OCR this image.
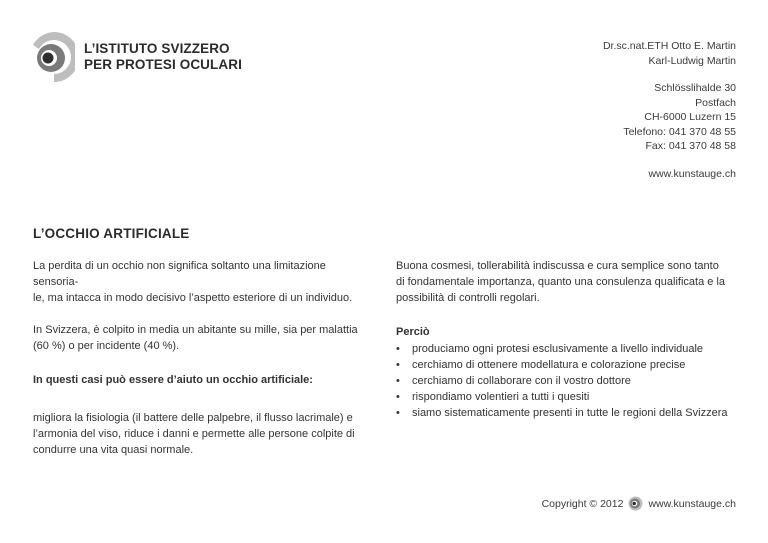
L’ISTITUTO SVIZZERO
PER PROTESI OCULARI
Dr.sc.nat.ETH Otto E. Martin
Karl-Ludwig Martin
Schlösslihalde 30
Postfach
CH-6000 Luzern 15
Telefono: 041 370 48 55
Fax: 041 370 48 58
www.kunstauge.ch
L’OCCHIO ARTIFICIALE

La perdita di un occhio non significa soltanto una limitazione sensoria-
le, ma intacca in modo decisivo l’aspetto esteriore di un individuo.

In Svizzera, è colpito in media un abitante su mille, sia per malattia
(60 %) o per incidente (40 %).

In questi casi può essere d’aiuto un occhio artificiale:

migliora la fisiologia (il battere delle palpebre, il flusso lacrimale) e
l’armonia del viso, riduce i danni e permette alle persone colpite di
condurre una vita quasi normale.

Buona cosmesi, tollerabilità indiscussa e cura semplice sono tanto
di fondamentale importanza, quanto una consulenza qualificata e la
possibilità di controlli regolari.

Perciò

• produciamo ogni protesi esclusivamente a livello individuale
• cerchiamo di ottenere modellatura e colorazione precise
• cerchiamo di collaborare con il vostro dottore
• rispondiamo volentieri a tutti i quesiti
• siamo sistematicamente presenti in tutte le regioni della Svizzera
Copyright © 2012 www.kunstauge.ch
